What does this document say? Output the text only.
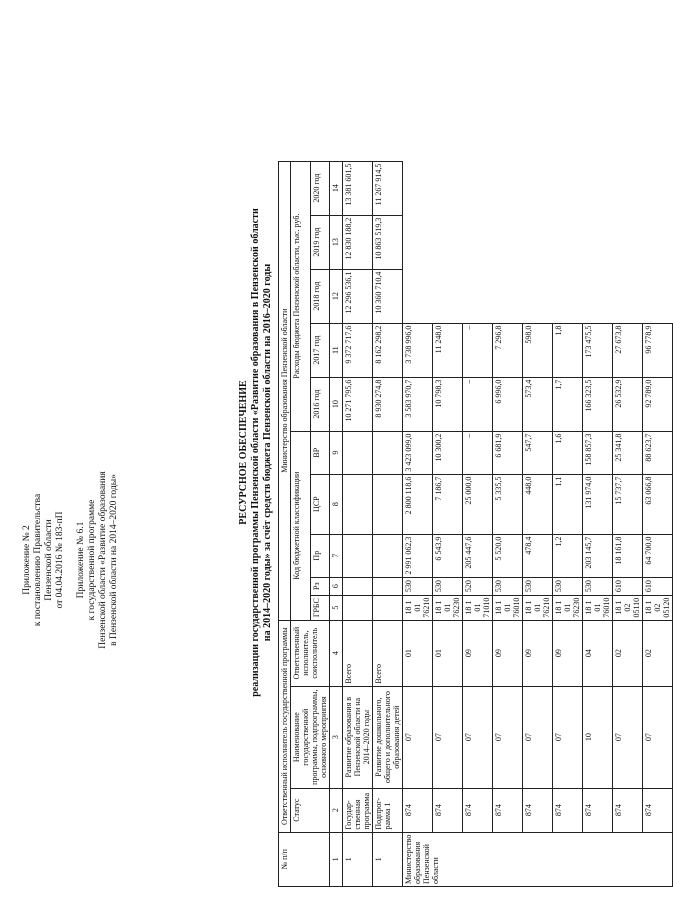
Приложение № 2 к постановлению Правительства Пензенской области от 04.04.2016 № 183-пП Приложение № 6.1 к государственной программе Пензенской области «Развитие образования в Пензенской области на 2014–2020 годы»
РЕСУРСНОЕ ОБЕСПЕЧЕНИЕ реализации государственной программы Пензенской области «Развитие образования в Пензенской области на 2014–2020 годы» за счёт средств бюджета Пензенской области на 2016–2020 годы
№ п/п	Ответственный исполнитель государственной программы			Министерство образования Пензенской области									
	Статус	Наименование государственной программы, подпрограммы, основного мероприятия	Ответственный исполнитель, соисполнитель	Код бюджетной классификации					Расходы бюджета Пензенской области, тыс. руб.				
				ГРБС	Рз	Пр	ЦСР	ВР	2016 год	2017 год	2018 год	2019 год	2020 год
1	2	3	4	5	6	7	8	9	10	11	12	13	14
1	Государ-ственная программа	Развитие образования в Пензенской области на 2014–2020 годы	Всего						10 271 795,6	9 372 717,6	12 296 536,1	12 830 188,2	13 381 601,5
1	Подпрог-рамма 1	Развитие дошкольного, общего и дополнительного образования детей	Всего						8 930 274,8	8 162 298,2	10 360 710,4	10 863 519,3	11 267 914,5
Министерство образования Пензенской области	874	07	01	18 1 01 76210	530	2 991 062,3	2 800 118,6	3 423 099,0	3 583 970,7	3 738 996,0			
	874	07	01	18 1 01 76230	530	6 543,9	7 186,7	10 300,2	10 798,3	11 248,0			
	874	07	09	18 1 01 71010	520	205 447,6	25 000,0	–	–	–			
	874	07	09	18 1 01 76010	530	5 520,0	5 335,5	6 681,9	6 996,0	7 296,8			
	874	07	09	18 1 01 76210	530	478,4	448,0	547,7	573,4	598,0			
	874	07	09	18 1 01 76230	530	1,2	1,1	1,6	1,7	1,8			
	874	10	04	18 1 01 76010	530	203 145,7	131 974,0	158 857,3	166 323,5	173 475,5			
	874	07	02	18 1 02 05110	610	18 161,8	15 737,7	25 341,8	26 532,9	27 673,8			
	874	07	02	18 1 02 05120	610	64 700,0	63 066,8	88 623,7	92 789,0	96 778,9			
